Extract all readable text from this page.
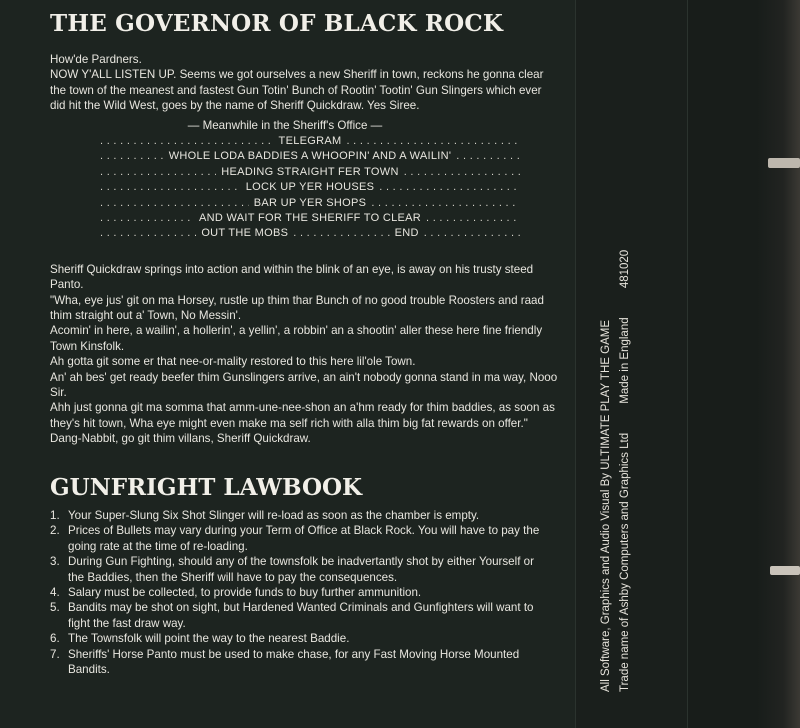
THE GOVERNOR OF BLACK ROCK

How'de Pardners.

NOW Y'ALL LISTEN UP. Seems we got ourselves a new Sheriff in town, reckons he gonna clear the town of the meanest and fastest Gun Totin' Bunch of Rootin' Tootin' Gun Slingers which ever did hit the Wild West, goes by the name of Sheriff Quickdraw. Yes Siree.

— Meanwhile in the Sheriff's Office —

. . .
TELEGRAM
. . .
. . .
WHOLE LODA BADDIES A WHOOPIN' AND A WAILIN'
. . .
. . .
HEADING STRAIGHT FER TOWN
. . .
. . .
LOCK UP YER HOUSES
. . .
. . .
BAR UP YER SHOPS
. . .
. . .
AND WAIT FOR THE SHERIFF TO CLEAR
. . .
. . .
OUT THE MOBS
. . .	END
. . .

Sheriff Quickdraw springs into action and within the blink of an eye, is away on his trusty steed Panto.

"Wha, eye jus' git on ma Horsey, rustle up thim thar Bunch of no good trouble Roosters and raad thim straight out a' Town, No Messin'.

Acomin' in here, a wailin', a hollerin', a yellin', a robbin' an a shootin' aller these here fine friendly Town Kinsfolk.

Ah gotta git some er that nee-or-mality restored to this here lil'ole Town.

An' ah bes' get ready beefer thim Gunslingers arrive, an ain't nobody gonna stand in ma way, Nooo Sir.

Ahh just gonna git ma somma that amm-une-nee-shon an a'hm ready for thim baddies, as soon as they's hit town, Wha eye might even make ma self rich with alla thim big fat rewards on offer."

Dang-Nabbit, go git thim villans, Sheriff Quickdraw.

GUNFRIGHT LAWBOOK
1. Your Super-Slung Six Shot Slinger will re-load as soon as the chamber is empty.
2. Prices of Bullets may vary during your Term of Office at Black Rock. You will have to pay the going rate at the time of re-loading.
3. During Gun Fighting, should any of the townsfolk be inadvertantly shot by either Yourself or the Baddies, then the Sheriff will have to pay the consequences.
4. Salary must be collected, to provide funds to buy further ammunition.
5. Bandits may be shot on sight, but Hardened Wanted Criminals and Gunfighters will want to fight the fast draw way.
6. The Townsfolk will point the way to the nearest Baddie.
7. Sheriffs' Horse Panto must be used to make chase, for any Fast Moving Horse Mounted Bandits.	All Software, Graphics and Audio Visual By ULTIMATE PLAY THE GAME Trade name of Ashby Computers and Graphics Ltd Made in England 481020
